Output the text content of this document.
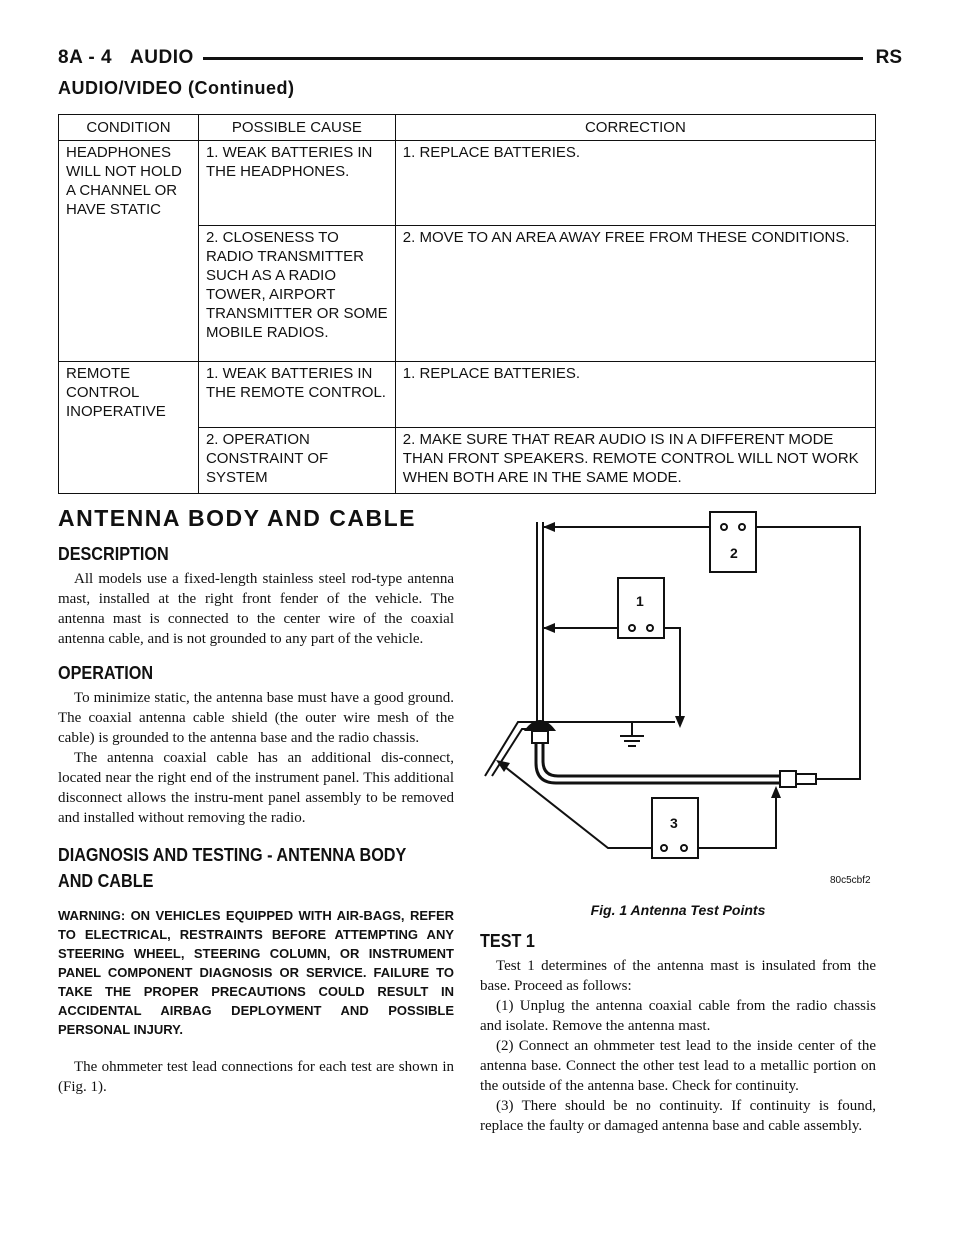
8A - 4 AUDIO	RS
AUDIO/VIDEO (Continued)
CONDITION	POSSIBLE CAUSE	CORRECTION
HEADPHONES WILL NOT HOLD A CHANNEL OR HAVE STATIC	1. WEAK BATTERIES IN THE HEADPHONES.	1. REPLACE BATTERIES.
	2. CLOSENESS TO RADIO TRANSMITTER SUCH AS A RADIO TOWER, AIRPORT TRANSMITTER OR SOME MOBILE RADIOS.	2. MOVE TO AN AREA AWAY FREE FROM THESE CONDITIONS.
REMOTE CONTROL INOPERATIVE	1. WEAK BATTERIES IN THE REMOTE CONTROL.	1. REPLACE BATTERIES.
	2. OPERATION CONSTRAINT OF SYSTEM	2. MAKE SURE THAT REAR AUDIO IS IN A DIFFERENT MODE THAN FRONT SPEAKERS. REMOTE CONTROL WILL NOT WORK WHEN BOTH ARE IN THE SAME MODE.
ANTENNA BODY AND CABLE
DESCRIPTION

All models use a fixed-length stainless steel rod-type antenna mast, installed at the right front fender of the vehicle. The antenna mast is connected to the center wire of the coaxial antenna cable, and is not grounded to any part of the vehicle.

OPERATION

To minimize static, the antenna base must have a good ground. The coaxial antenna cable shield (the outer wire mesh of the cable) is grounded to the antenna base and the radio chassis.

The antenna coaxial cable has an additional dis-connect, located near the right end of the instrument panel. This additional disconnect allows the instru-ment panel assembly to be removed and installed without removing the radio.

DIAGNOSIS AND TESTING - ANTENNA BODY AND CABLE

WARNING: ON VEHICLES EQUIPPED WITH AIR-BAGS, REFER TO ELECTRICAL, RESTRAINTS BEFORE ATTEMPTING ANY STEERING WHEEL, STEERING COLUMN, OR INSTRUMENT PANEL COMPONENT DIAGNOSIS OR SERVICE. FAILURE TO TAKE THE PROPER PRECAUTIONS COULD RESULT IN ACCIDENTAL AIRBAG DEPLOYMENT AND POSSIBLE PERSONAL INJURY.

The ohmmeter test lead connections for each test are shown in (Fig. 1).

2
1
3
80c5cbf2
Fig. 1 Antenna Test Points
TEST 1

Test 1 determines of the antenna mast is insulated from the base. Proceed as follows:

(1) Unplug the antenna coaxial cable from the radio chassis and isolate. Remove the antenna mast.

(2) Connect an ohmmeter test lead to the inside center of the antenna base. Connect the other test lead to a metallic portion on the outside of the antenna base. Check for continuity.

(3) There should be no continuity. If continuity is found, replace the faulty or damaged antenna base and cable assembly.
